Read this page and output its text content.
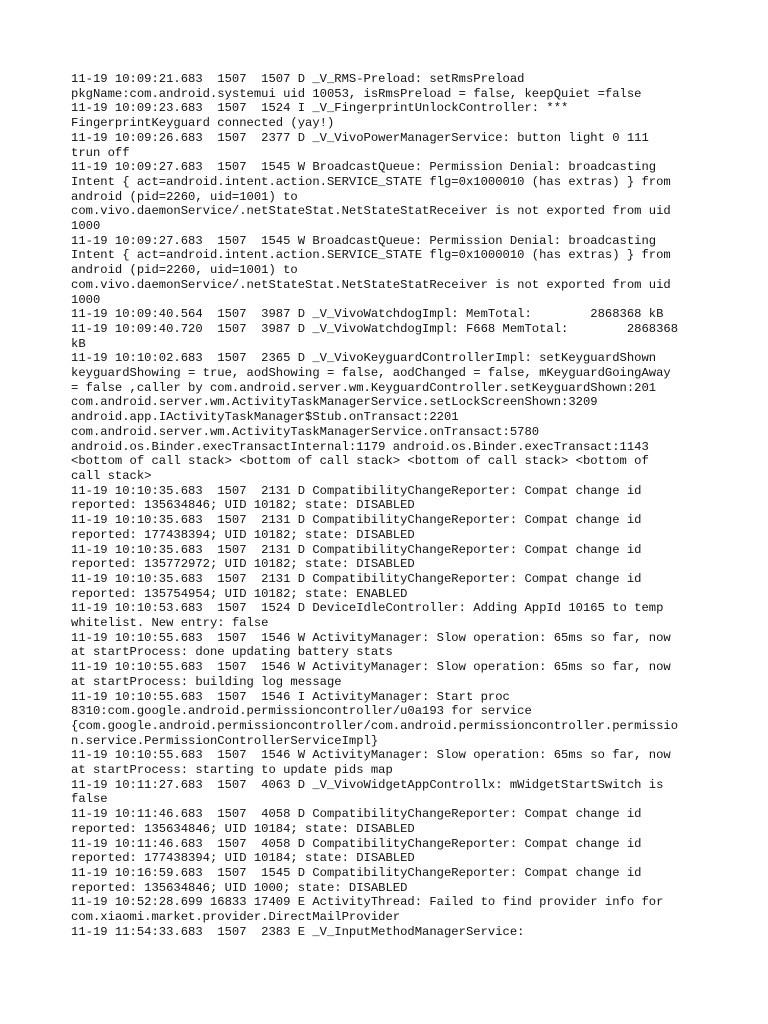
11-19 10:09:21.683  1507  1507 D _V_RMS-Preload: setRmsPreload
pkgName:com.android.systemui uid 10053, isRmsPreload = false, keepQuiet =false
11-19 10:09:23.683  1507  1524 I _V_FingerprintUnlockController: ***
FingerprintKeyguard connected (yay!)
11-19 10:09:26.683  1507  2377 D _V_VivoPowerManagerService: button light 0 111
trun off
11-19 10:09:27.683  1507  1545 W BroadcastQueue: Permission Denial: broadcasting
Intent { act=android.intent.action.SERVICE_STATE flg=0x1000010 (has extras) } from
android (pid=2260, uid=1001) to
com.vivo.daemonService/.netStateStat.NetStateStatReceiver is not exported from uid
1000
11-19 10:09:27.683  1507  1545 W BroadcastQueue: Permission Denial: broadcasting
Intent { act=android.intent.action.SERVICE_STATE flg=0x1000010 (has extras) } from
android (pid=2260, uid=1001) to
com.vivo.daemonService/.netStateStat.NetStateStatReceiver is not exported from uid
1000
11-19 10:09:40.564  1507  3987 D _V_VivoWatchdogImpl: MemTotal:        2868368 kB
11-19 10:09:40.720  1507  3987 D _V_VivoWatchdogImpl: F668 MemTotal:        2868368
kB
11-19 10:10:02.683  1507  2365 D _V_VivoKeyguardControllerImpl: setKeyguardShown
keyguardShowing = true, aodShowing = false, aodChanged = false, mKeyguardGoingAway
= false ,caller by com.android.server.wm.KeyguardController.setKeyguardShown:201
com.android.server.wm.ActivityTaskManagerService.setLockScreenShown:3209
android.app.IActivityTaskManager$Stub.onTransact:2201
com.android.server.wm.ActivityTaskManagerService.onTransact:5780
android.os.Binder.execTransactInternal:1179 android.os.Binder.execTransact:1143
<bottom of call stack> <bottom of call stack> <bottom of call stack> <bottom of
call stack>
11-19 10:10:35.683  1507  2131 D CompatibilityChangeReporter: Compat change id
reported: 135634846; UID 10182; state: DISABLED
11-19 10:10:35.683  1507  2131 D CompatibilityChangeReporter: Compat change id
reported: 177438394; UID 10182; state: DISABLED
11-19 10:10:35.683  1507  2131 D CompatibilityChangeReporter: Compat change id
reported: 135772972; UID 10182; state: DISABLED
11-19 10:10:35.683  1507  2131 D CompatibilityChangeReporter: Compat change id
reported: 135754954; UID 10182; state: ENABLED
11-19 10:10:53.683  1507  1524 D DeviceIdleController: Adding AppId 10165 to temp
whitelist. New entry: false
11-19 10:10:55.683  1507  1546 W ActivityManager: Slow operation: 65ms so far, now
at startProcess: done updating battery stats
11-19 10:10:55.683  1507  1546 W ActivityManager: Slow operation: 65ms so far, now
at startProcess: building log message
11-19 10:10:55.683  1507  1546 I ActivityManager: Start proc
8310:com.google.android.permissioncontroller/u0a193 for service
{com.google.android.permissioncontroller/com.android.permissioncontroller.permissio
n.service.PermissionControllerServiceImpl}
11-19 10:10:55.683  1507  1546 W ActivityManager: Slow operation: 65ms so far, now
at startProcess: starting to update pids map
11-19 10:11:27.683  1507  4063 D _V_VivoWidgetAppControllx: mWidgetStartSwitch is
false
11-19 10:11:46.683  1507  4058 D CompatibilityChangeReporter: Compat change id
reported: 135634846; UID 10184; state: DISABLED
11-19 10:11:46.683  1507  4058 D CompatibilityChangeReporter: Compat change id
reported: 177438394; UID 10184; state: DISABLED
11-19 10:16:59.683  1507  1545 D CompatibilityChangeReporter: Compat change id
reported: 135634846; UID 1000; state: DISABLED
11-19 10:52:28.699 16833 17409 E ActivityThread: Failed to find provider info for
com.xiaomi.market.provider.DirectMailProvider
11-19 11:54:33.683  1507  2383 E _V_InputMethodManagerService:
